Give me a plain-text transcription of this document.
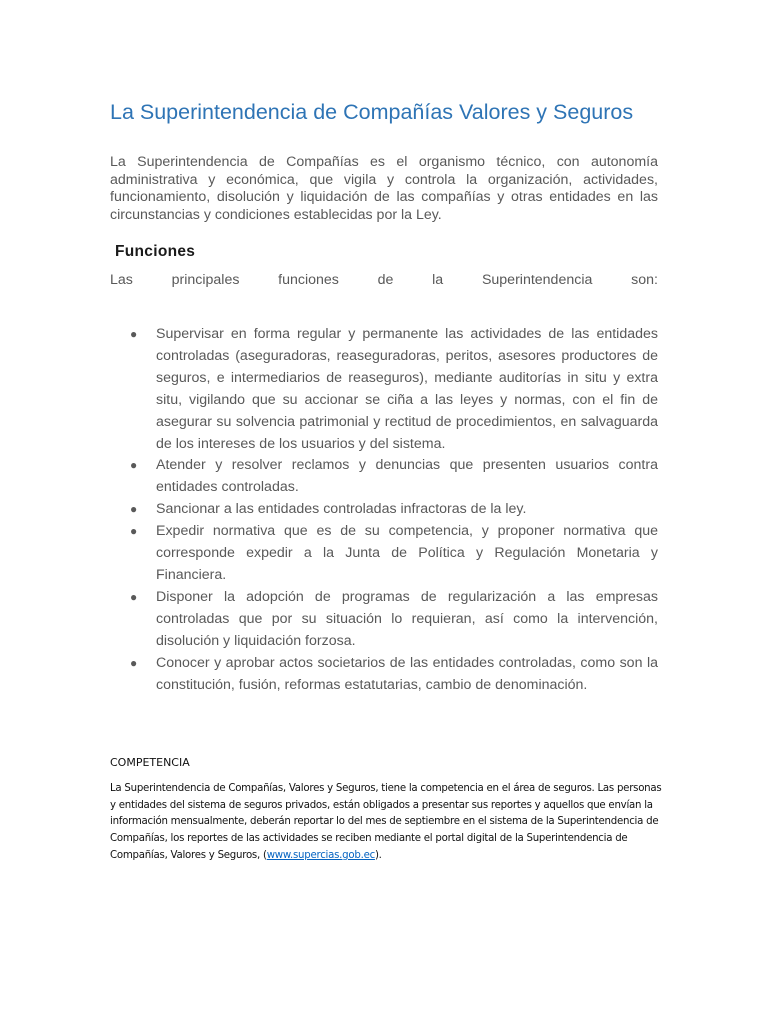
La Superintendencia de Compañías Valores y Seguros

La Superintendencia de Compañías es el organismo técnico, con autonomía administrativa y económica, que vigila y controla la organización, actividades, funcionamiento, disolución y liquidación de las compañías y otras entidades en las circunstancias y condiciones establecidas por la Ley.

Funciones

Las	principales	funciones	de	la	Superintendencia	son:

● Supervisar en forma regular y permanente las actividades de las entidades controladas (aseguradoras, reaseguradoras, peritos, asesores productores de seguros, e intermediarios de reaseguros), mediante auditorías in situ y extra situ, vigilando que su accionar se ciña a las leyes y normas, con el fin de asegurar su solvencia patrimonial y rectitud de procedimientos, en salvaguarda de los intereses de los usuarios y del sistema.
● Atender y resolver reclamos y denuncias que presenten usuarios contra entidades controladas.
● Sancionar a las entidades controladas infractoras de la ley.
● Expedir normativa que es de su competencia, y proponer normativa que corresponde expedir a la Junta de Política y Regulación Monetaria y Financiera.
● Disponer la adopción de programas de regularización a las empresas controladas que por su situación lo requieran, así como la intervención, disolución y liquidación forzosa.
● Conocer y aprobar actos societarios de las entidades controladas, como son la constitución, fusión, reformas estatutarias, cambio de denominación.
COMPETENCIA

La Superintendencia de Compañías, Valores y Seguros, tiene la competencia en el área de seguros. Las personas y entidades del sistema de seguros privados, están obligados a presentar sus reportes y aquellos que envían la información mensualmente, deberán reportar lo del mes de septiembre en el sistema de la Superintendencia de Compañías, los reportes de las actividades se reciben mediante el portal digital de la Superintendencia de Compañías, Valores y Seguros, (www.supercias.gob.ec).
